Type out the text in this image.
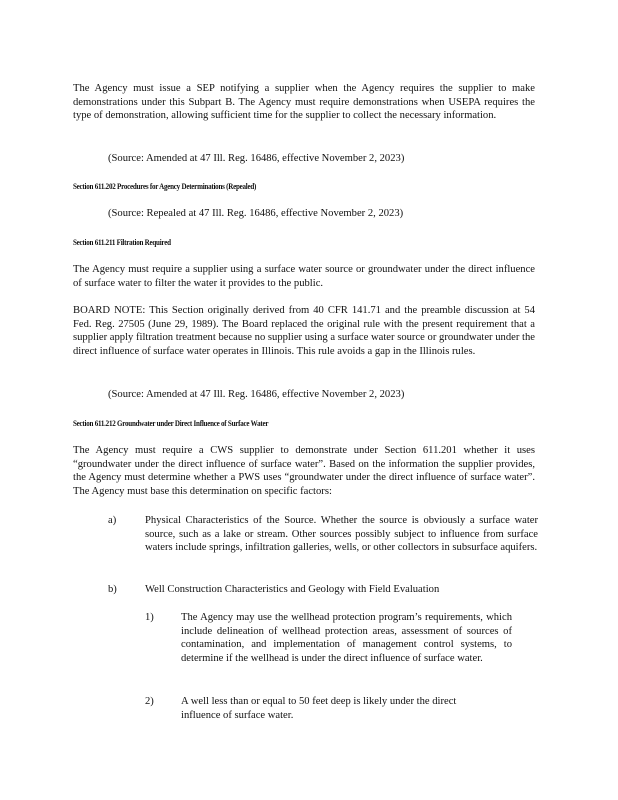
The Agency must issue a SEP notifying a supplier when the Agency requires the supplier to make demonstrations under this Subpart B. The Agency must require demonstrations when USEPA requires the type of demonstration, allowing sufficient time for the supplier to collect the necessary information.

(Source: Amended at 47 Ill. Reg. 16486, effective November 2, 2023)

Section 611.202 Procedures for Agency Determinations (Repealed)

(Source: Repealed at 47 Ill. Reg. 16486, effective November 2, 2023)

Section 611.211 Filtration Required

The Agency must require a supplier using a surface water source or groundwater under the direct influence of surface water to filter the water it provides to the public.

BOARD NOTE: This Section originally derived from 40 CFR 141.71 and the preamble discussion at 54 Fed. Reg. 27505 (June 29, 1989). The Board replaced the original rule with the present requirement that a supplier apply filtration treatment because no supplier using a surface water source or groundwater under the direct influence of surface water operates in Illinois. This rule avoids a gap in the Illinois rules.

(Source: Amended at 47 Ill. Reg. 16486, effective November 2, 2023)

Section 611.212 Groundwater under Direct Influence of Surface Water

The Agency must require a CWS supplier to demonstrate under Section 611.201 whether it uses “groundwater under the direct influence of surface water”. Based on the information the supplier provides, the Agency must determine whether a PWS uses “groundwater under the direct influence of surface water”. The Agency must base this determination on specific factors:

a)	Physical Characteristics of the Source. Whether the source is obviously a surface water source, such as a lake or stream. Other sources possibly subject to influence from surface waters include springs, infiltration galleries, wells, or other collectors in subsurface aquifers.

b)	Well Construction Characteristics and Geology with Field Evaluation

1)	The Agency may use the wellhead protection program’s requirements, which include delineation of wellhead protection areas, assessment of sources of contamination, and implementation of management control systems, to determine if the wellhead is under the direct influence of surface water.

2)	A well less than or equal to 50 feet deep is likely under the direct influence of surface water.
